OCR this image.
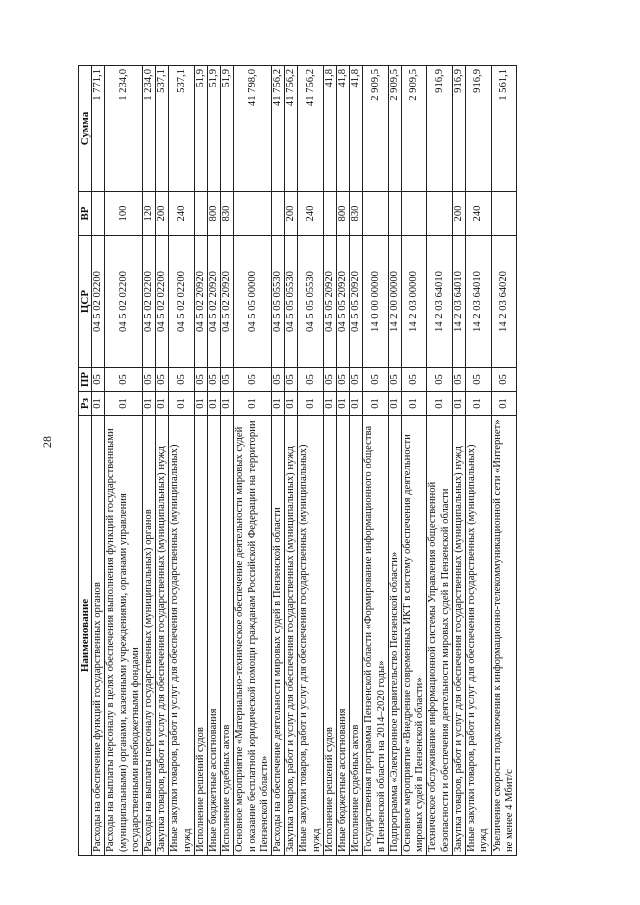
28
Наименование	Рз	ПР	ЦСР	ВР	Сумма
Расходы на обеспечение функций государственных органов	01	05	04 5 02 02200		1 771,1
Расходы на выплаты персоналу в целях обеспечения выполнения функций государственными (муниципальными) органами, казенными учреждениями, органами управления государственными внебюджетными фондами	01	05	04 5 02 02200	100	1 234,0
Расходы на выплаты персоналу государственных (муниципальных) органов	01	05	04 5 02 02200	120	1 234,0
Закупка товаров, работ и услуг для обеспечения государственных (муниципальных) нужд	01	05	04 5 02 02200	200	537,1
Иные закупки товаров, работ и услуг для обеспечения государственных (муниципальных) нужд	01	05	04 5 02 02200	240	537,1
Исполнение решений судов	01	05	04 5 02 20920		51,9
Иные бюджетные ассигнования	01	05	04 5 02 20920	800	51,9
Исполнение судебных актов	01	05	04 5 02 20920	830	51,9
Основное мероприятие «Материально-техническое обеспечение деятельности мировых судей и оказание бесплатной юридической помощи гражданам Российской Федерации на территории Пензенской области»	01	05	04 5 05 00000		41 798,0
Расходы на обеспечение деятельности мировых судей в Пензенской области	01	05	04 5 05 05530		41 756,2
Закупка товаров, работ и услуг для обеспечения государственных (муниципальных) нужд	01	05	04 5 05 05530	200	41 756,2
Иные закупки товаров, работ и услуг для обеспечения государственных (муниципальных) нужд	01	05	04 5 05 05530	240	41 756,2
Исполнение решений судов	01	05	04 5 05 20920		41,8
Иные бюджетные ассигнования	01	05	04 5 05 20920	800	41,8
Исполнение судебных актов	01	05	04 5 05 20920	830	41,8
Государственная программа Пензенской области «Формирование информационного общества в Пензенской области на 2014–2020 годы»	01	05	14 0 00 00000		2 909,5
Подпрограмма «Электронное правительство Пензенской области»	01	05	14 2 00 00000		2 909,5
Основное мероприятие «Внедрение современных ИКТ в систему обеспечения деятельности мировых судей в Пензенской области»	01	05	14 2 03 00000		2 909,5
Техническое обслуживание информационной системы Управления общественной безопасности и обеспечения деятельности мировых судей в Пензенской области	01	05	14 2 03 64010		916,9
Закупка товаров, работ и услуг для обеспечения государственных (муниципальных) нужд	01	05	14 2 03 64010	200	916,9
Иные закупки товаров, работ и услуг для обеспечения государственных (муниципальных) нужд	01	05	14 2 03 64010	240	916,9
Увеличение скорости подключения к информационно-телекоммуникационной сети «Интернет» не менее 4 Мбит/с	01	05	14 2 03 64020		1 561,1
